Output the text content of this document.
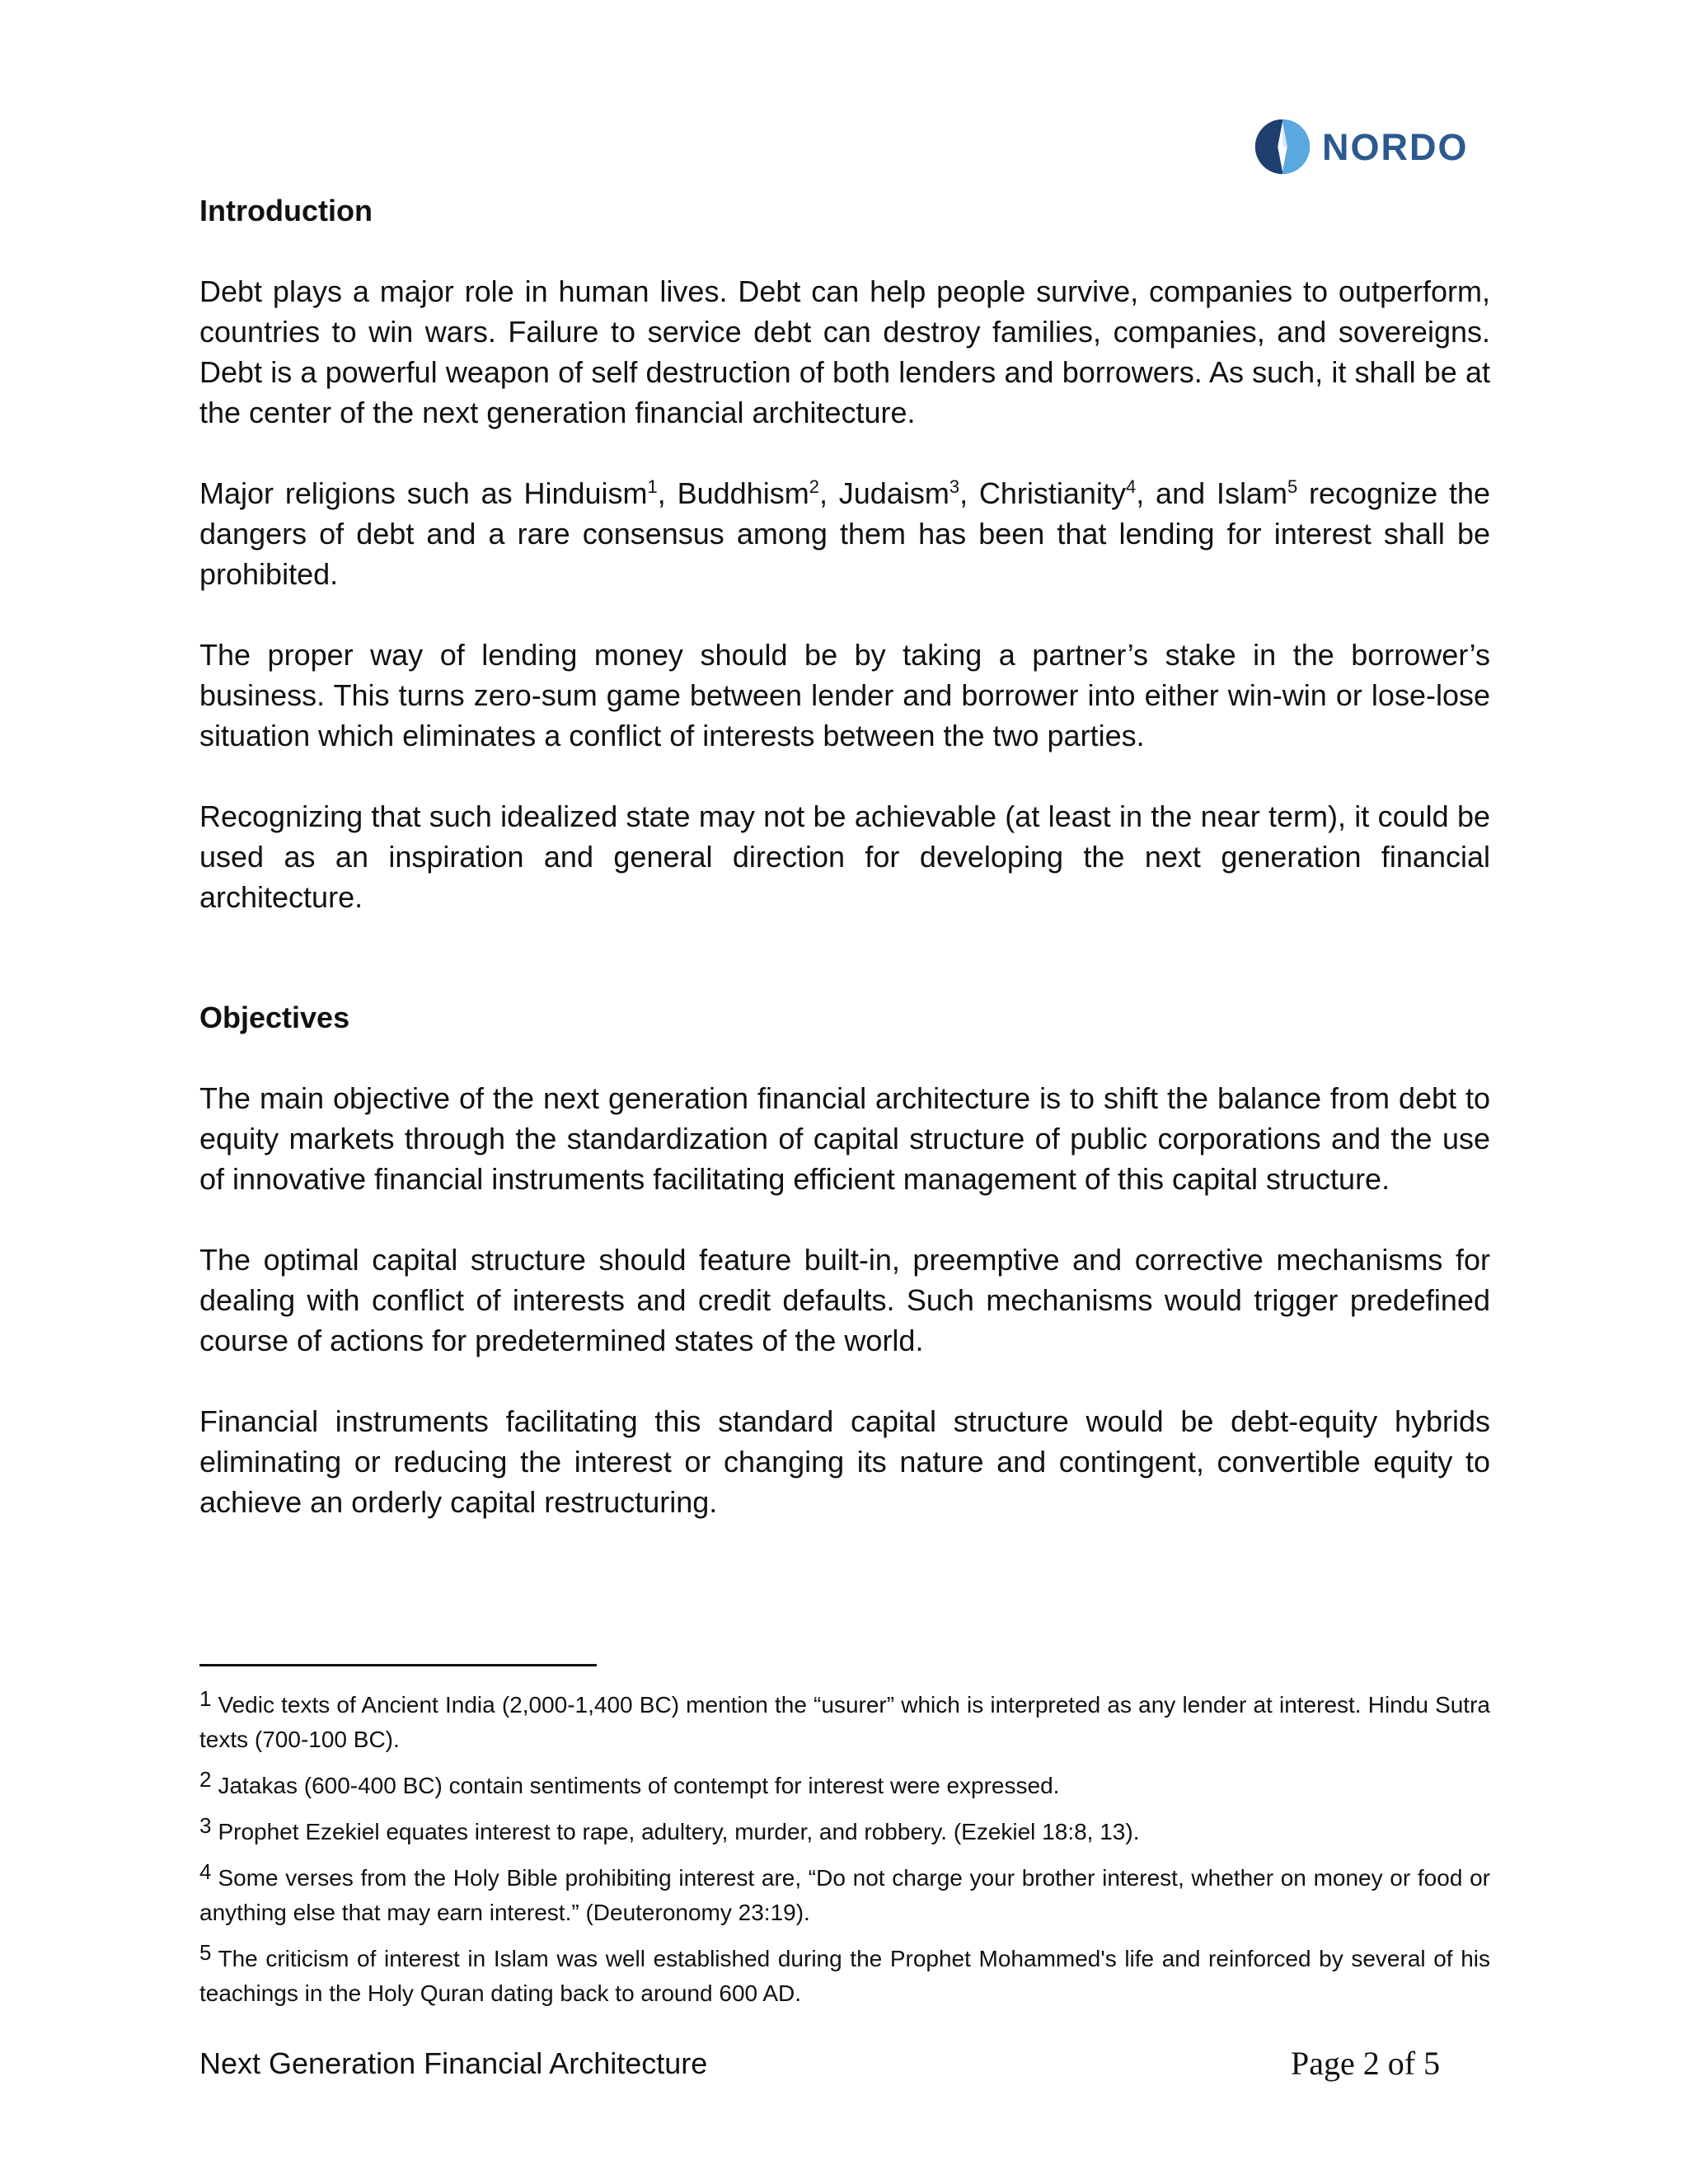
NORDO
Introduction

Debt plays a major role in human lives. Debt can help people survive, companies to outperform, countries to win wars. Failure to service debt can destroy families, companies, and sovereigns. Debt is a powerful weapon of self destruction of both lenders and borrowers. As such, it shall be at the center of the next generation financial architecture.

Major religions such as Hinduism$^1$, Buddhism$^2$, Judaism$^3$, Christianity$^4$, and Islam$^5$ recognize the dangers of debt and a rare consensus among them has been that lending for interest shall be prohibited.

The proper way of lending money should be by taking a partner’s stake in the borrower’s business. This turns zero-sum game between lender and borrower into either win-win or lose-lose situation which eliminates a conflict of interests between the two parties.

Recognizing that such idealized state may not be achievable (at least in the near term), it could be used as an inspiration and general direction for developing the next generation financial architecture.

Objectives

The main objective of the next generation financial architecture is to shift the balance from debt to equity markets through the standardization of capital structure of public corporations and the use of innovative financial instruments facilitating efficient management of this capital structure.

The optimal capital structure should feature built-in, preemptive and corrective mechanisms for dealing with conflict of interests and credit defaults. Such mechanisms would trigger predefined course of actions for predetermined states of the world.

Financial instruments facilitating this standard capital structure would be debt-equity hybrids eliminating or reducing the interest or changing its nature and contingent, convertible equity to achieve an orderly capital restructuring.

1 Vedic texts of Ancient India (2,000-1,400 BC) mention the “usurer” which is interpreted as any lender at interest. Hindu Sutra texts (700-100 BC).

2 Jatakas (600-400 BC) contain sentiments of contempt for interest were expressed.

3 Prophet Ezekiel equates interest to rape, adultery, murder, and robbery. (Ezekiel 18:8, 13).

4 Some verses from the Holy Bible prohibiting interest are, “Do not charge your brother interest, whether on money or food or anything else that may earn interest.” (Deuteronomy 23:19).

5 The criticism of interest in Islam was well established during the Prophet Mohammed's life and reinforced by several of his teachings in the Holy Quran dating back to around 600 AD.

Next Generation Financial Architecture	Page 2 of 5
